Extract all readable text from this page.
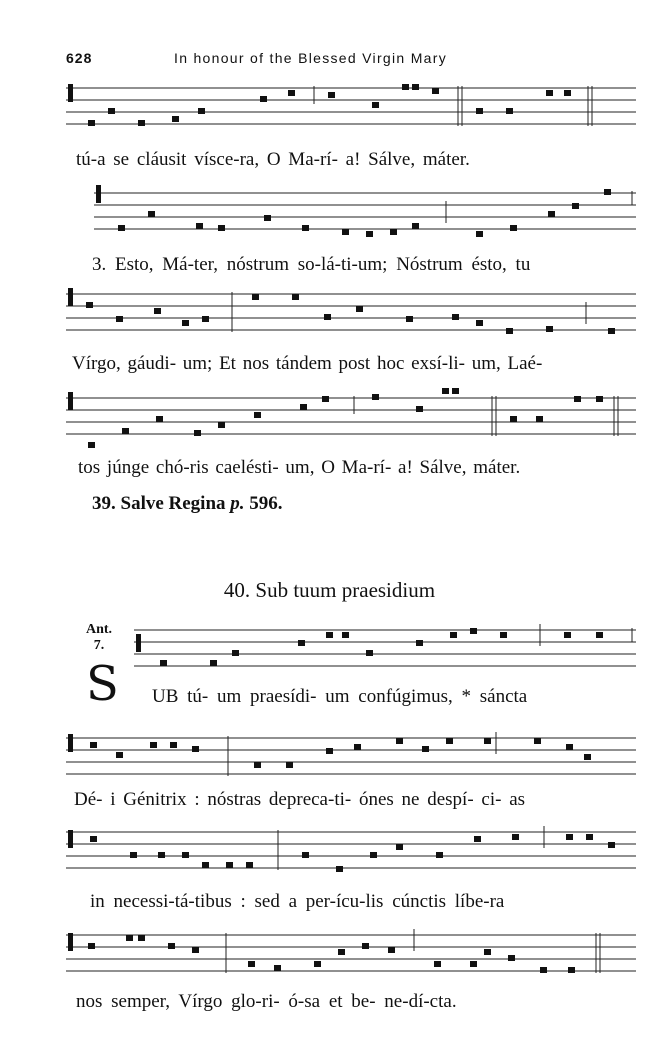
628	In honour of the Blessed Virgin Mary
tú-a se cláusit vísce-ra, O Ma-rí- a! Sálve, máter.
3. Esto, Má-ter, nóstrum so-lá-ti-um; Nóstrum ésto, tu
Vírgo, gáudi- um; Et nos tándem post hoc exsí-li- um, Laé-
tos júnge chó-ris caelésti- um, O Ma-rí- a! Sálve, máter.
39. Salve Regina p. 596.
40. Sub tuum praesidium
Ant.
7.
S UB tú- um praesídi- um confúgimus, * sáncta
Dé- i Génitrix : nóstras depreca-ti- ónes ne despí- ci- as
in necessi-tá-tibus : sed a per-ícu-lis cúnctis líbe-ra
nos semper, Vírgo glo-ri- ó-sa et be- ne-dí-cta.
